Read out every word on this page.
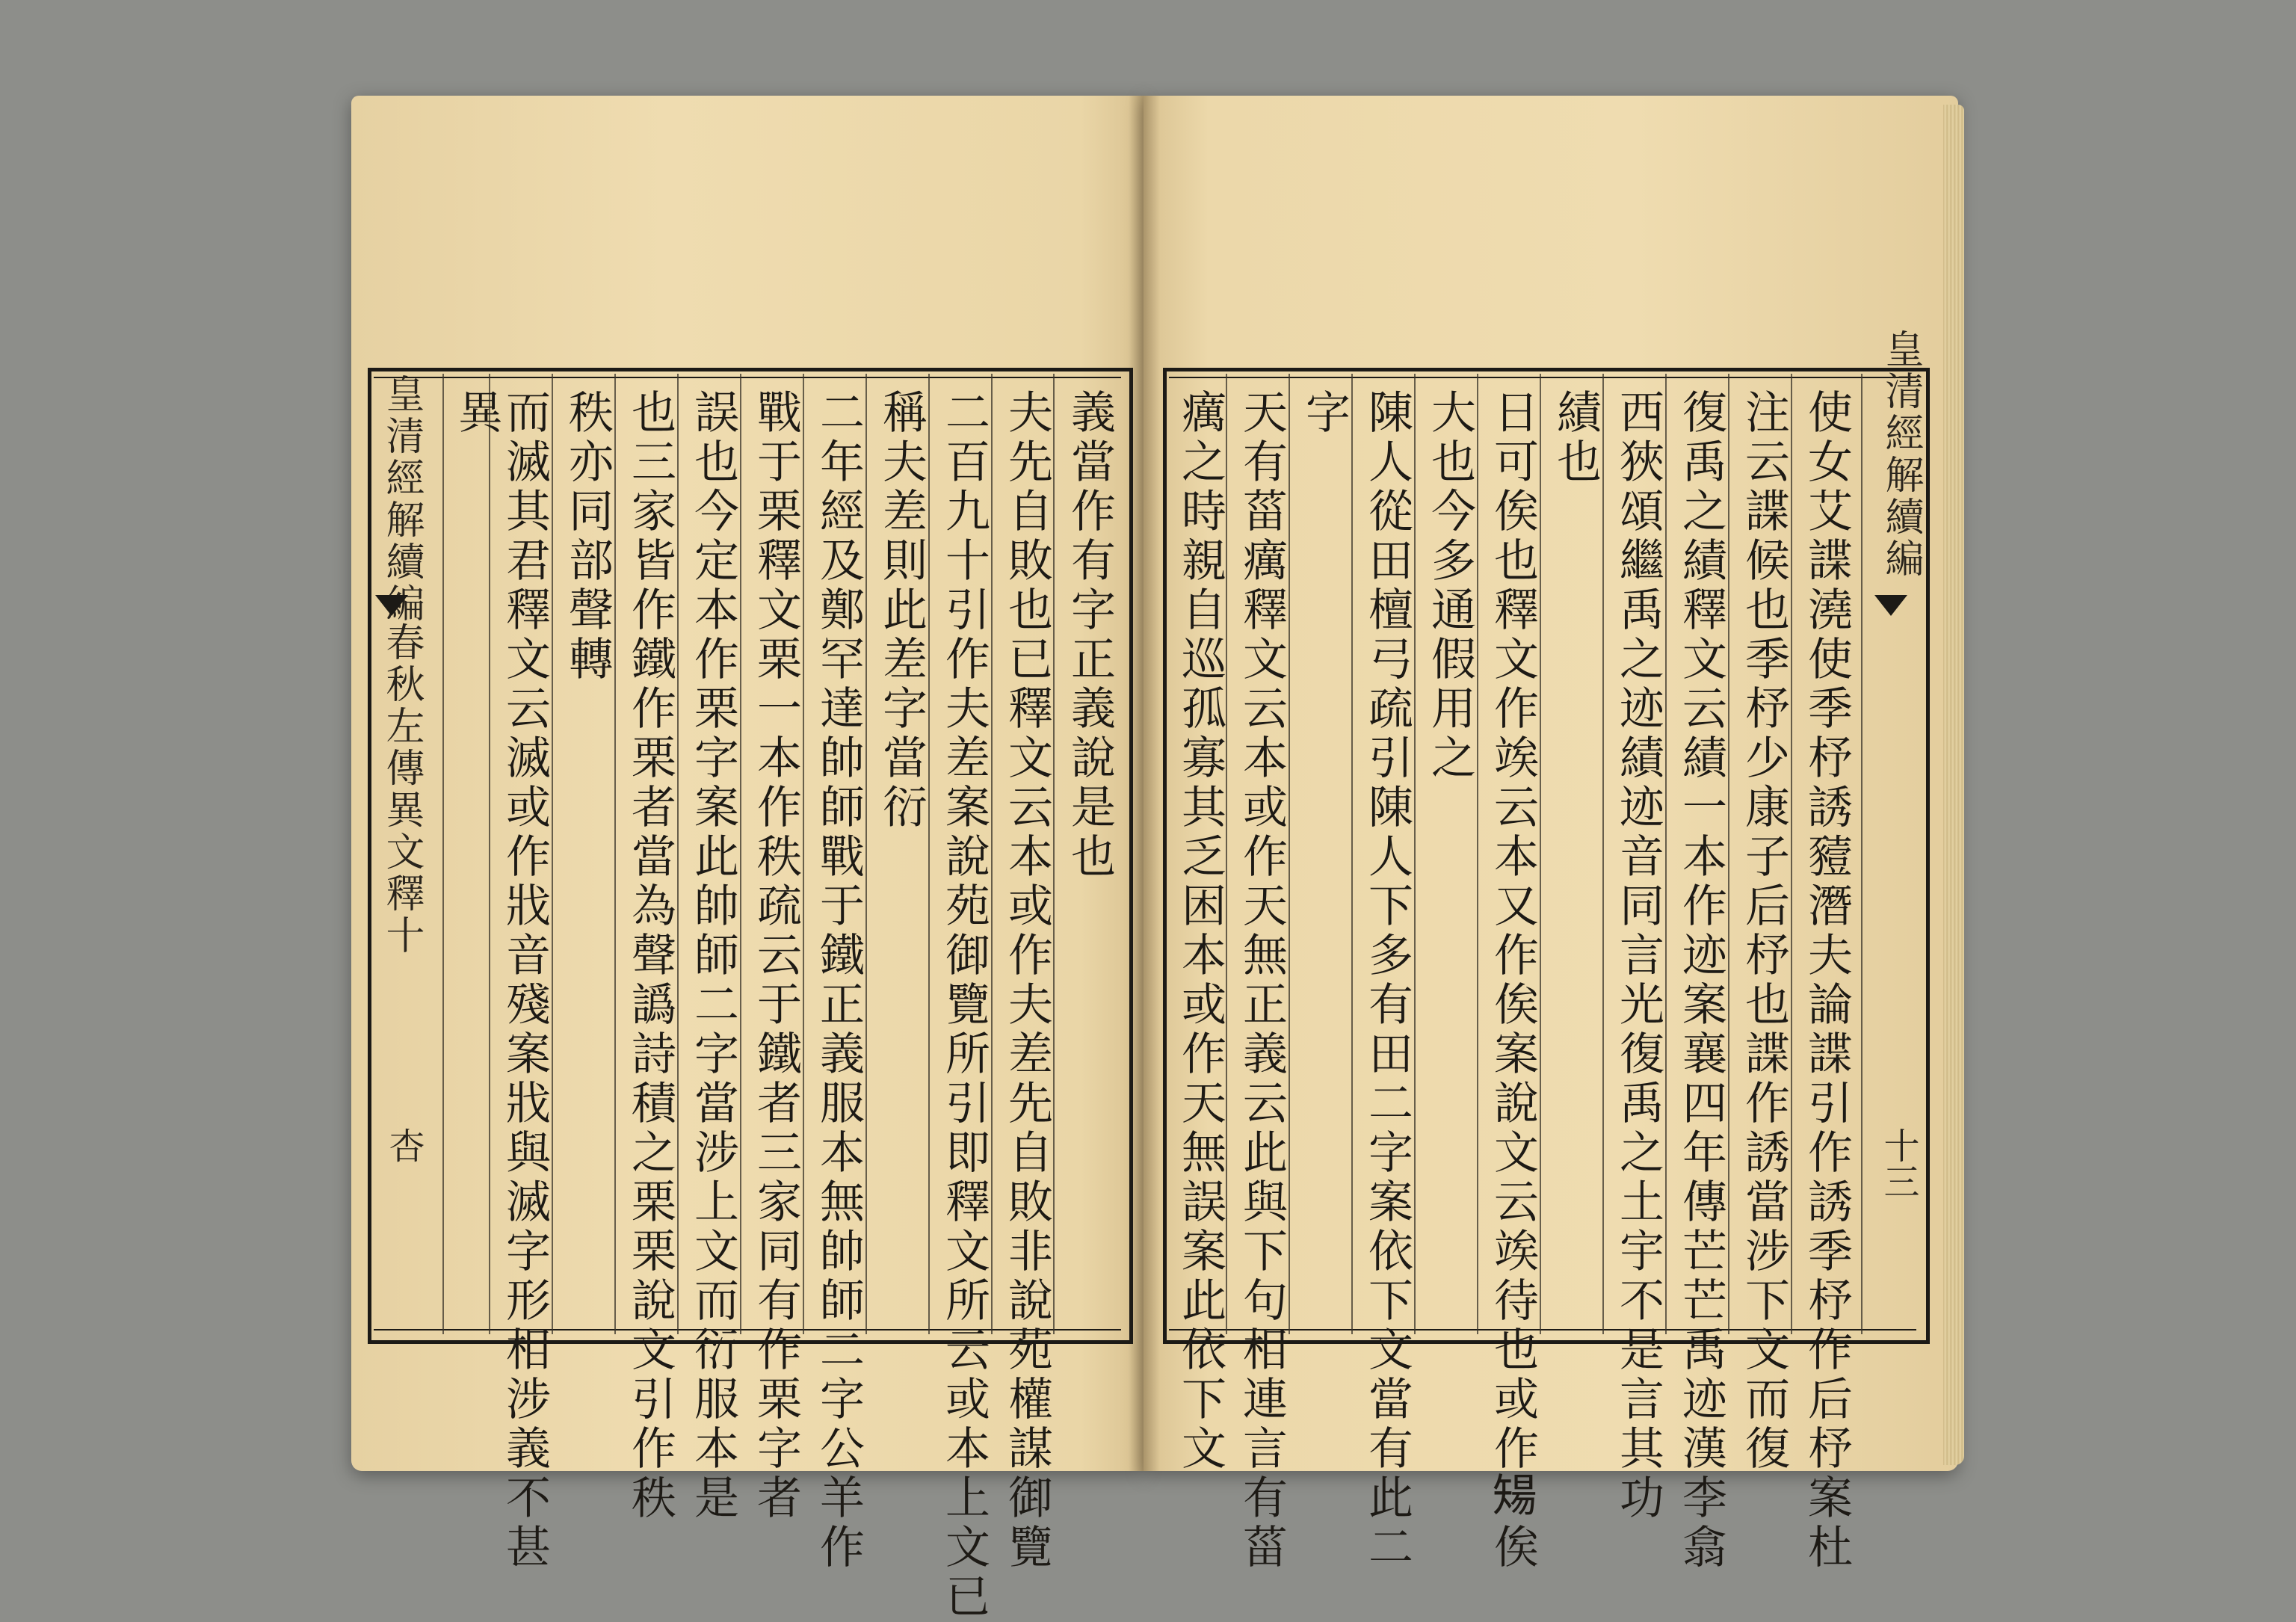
皇清經解續編
春秋左傳異文釋十
杏
義當作有字正義說是也
夫先自敗也已釋文云本或作夫差先自敗非說苑權謀御覽
二百九十引作夫差案說苑御覽所引即釋文所云或本上文已
稱夫差則此差字當衍
二年經及鄭罕達帥師戰于鐵正義服本無帥師二字公羊作
戰于栗釋文栗一本作秩疏云于鐵者三家同有作栗字者
誤也今定本作栗字案此帥師二字當涉上文而衍服本是
也三家皆作鐵作栗者當為聲譌詩積之栗栗說文引作秩
秩亦同部聲轉
而滅其君釋文云滅或作戕音殘案戕與滅字形相涉義不甚
異	皇清經解續編
十三
使女艾諜澆使季杼誘豷潛夫論諜引作誘季杼作后杼案杜
注云諜候也季杼少康子后杼也諜作誘當涉下文而復
復禹之績釋文云績一本作迹案襄四年傳芒芒禹迹漢李翕
西狹頌繼禹之迹績迹音同言光復禹之土宇不是言其功
績也
日可俟也釋文作竢云本又作俟案說文云竢待也或作𥏫俟
大也今多通假用之
陳人從田檀弓疏引陳人下多有田二字案依下文當有此二
字
天有菑癘釋文云本或作天無正義云此與下句相連言有菑
癘之時親自巡孤寡其乏困本或作天無誤案此依下文
